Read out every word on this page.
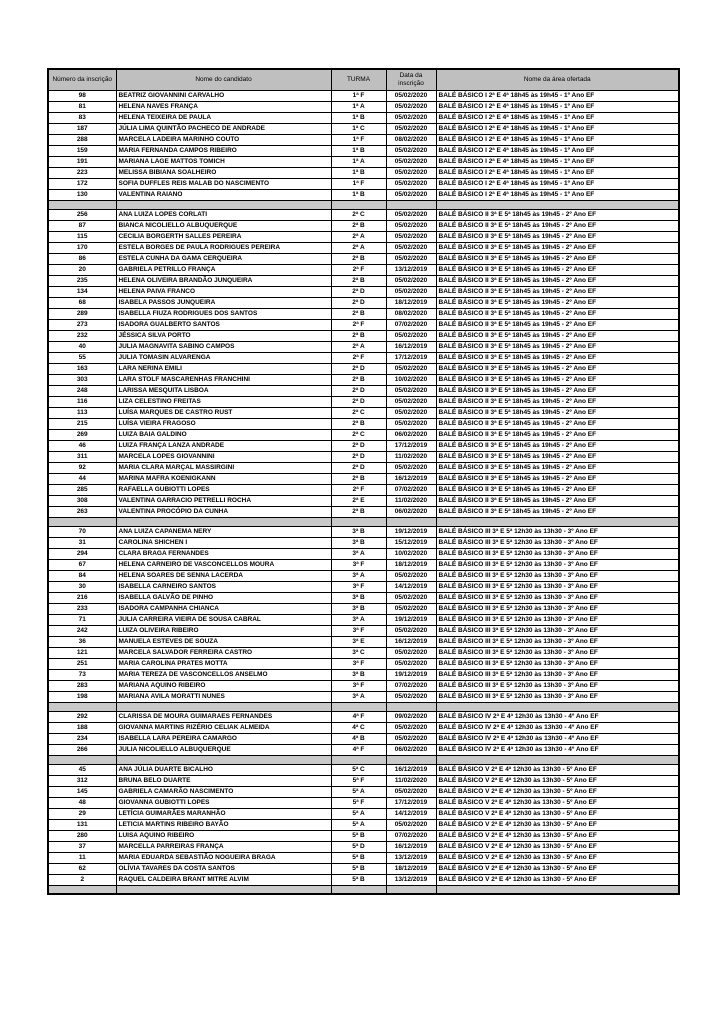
Número da inscrição	Nome do candidato	TURMA	Data da inscrição	Nome da área ofertada
98	BEATRIZ GIOVANNINI CARVALHO	1ª F	05/02/2020	BALÉ BÁSICO I 2ª E 4ª 18h45 às 19h45 - 1º Ano EF
81	HELENA NAVES FRANÇA	1ª A	05/02/2020	BALÉ BÁSICO I 2ª E 4ª 18h45 às 19h45 - 1º Ano EF
83	HELENA TEIXEIRA DE PAULA	1ª B	05/02/2020	BALÉ BÁSICO I 2ª E 4ª 18h45 às 19h45 - 1º Ano EF
187	JÚLIA LIMA QUINTÃO PACHECO DE ANDRADE	1ª C	05/02/2020	BALÉ BÁSICO I 2ª E 4ª 18h45 às 19h45 - 1º Ano EF
288	MARCELA LADEIRA MARINHO COUTO	1ª F	08/02/2020	BALÉ BÁSICO I 2ª E 4ª 18h45 às 19h45 - 1º Ano EF
159	MARIA FERNANDA CAMPOS RIBEIRO	1ª B	05/02/2020	BALÉ BÁSICO I 2ª E 4ª 18h45 às 19h45 - 1º Ano EF
191	MARIANA LAGE MATTOS TOMICH	1ª A	05/02/2020	BALÉ BÁSICO I 2ª E 4ª 18h45 às 19h45 - 1º Ano EF
223	MELISSA BIBIANA SOALHEIRO	1ª B	05/02/2020	BALÉ BÁSICO I 2ª E 4ª 18h45 às 19h45 - 1º Ano EF
172	SOFIA DUFFLES REIS MALAB DO NASCIMENTO	1ª F	05/02/2020	BALÉ BÁSICO I 2ª E 4ª 18h45 às 19h45 - 1º Ano EF
130	VALENTINA RAIANO	1ª B	05/02/2020	BALÉ BÁSICO I 2ª E 4ª 18h45 às 19h45 - 1º Ano EF

256	ANA LUIZA LOPES CORLATI	2ª C	05/02/2020	BALÉ BÁSICO II 3ª E 5ª 18h45 às 19h45 - 2º Ano EF
87	BIANCA NICOLIELLO ALBUQUERQUE	2ª B	05/02/2020	BALÉ BÁSICO II 3ª E 5ª 18h45 às 19h45 - 2º Ano EF
115	CECILIA BORGERTH SALLES PEREIRA	2ª A	05/02/2020	BALÉ BÁSICO II 3ª E 5ª 18h45 às 19h45 - 2º Ano EF
170	ESTELA BORGES DE PAULA RODRIGUES PEREIRA	2ª A	05/02/2020	BALÉ BÁSICO II 3ª E 5ª 18h45 às 19h45 - 2º Ano EF
86	ESTELA CUNHA DA GAMA CERQUEIRA	2ª B	05/02/2020	BALÉ BÁSICO II 3ª E 5ª 18h45 às 19h45 - 2º Ano EF
20	GABRIELA PETRILLO FRANÇA	2ª F	13/12/2019	BALÉ BÁSICO II 3ª E 5ª 18h45 às 19h45 - 2º Ano EF
235	HELENA OLIVEIRA BRANDÃO JUNQUEIRA	2ª B	05/02/2020	BALÉ BÁSICO II 3ª E 5ª 18h45 às 19h45 - 2º Ano EF
134	HELENA PAIVA FRANCO	2ª D	05/02/2020	BALÉ BÁSICO II 3ª E 5ª 18h45 às 19h45 - 2º Ano EF
68	ISABELA PASSOS JUNQUEIRA	2ª D	18/12/2019	BALÉ BÁSICO II 3ª E 5ª 18h45 às 19h45 - 2º Ano EF
289	ISABELLA FIUZA RODRIGUES DOS SANTOS	2ª B	08/02/2020	BALÉ BÁSICO II 3ª E 5ª 18h45 às 19h45 - 2º Ano EF
273	ISADORA GUALBERTO SANTOS	2ª F	07/02/2020	BALÉ BÁSICO II 3ª E 5ª 18h45 às 19h45 - 2º Ano EF
232	JÉSSICA SILVA PORTO	2ª B	05/02/2020	BALÉ BÁSICO II 3ª E 5ª 18h45 às 19h45 - 2º Ano EF
40	JULIA MAGNAVITA SABINO CAMPOS	2ª A	16/12/2019	BALÉ BÁSICO II 3ª E 5ª 18h45 às 19h45 - 2º Ano EF
55	JULIA TOMASIN ALVARENGA	2ª F	17/12/2019	BALÉ BÁSICO II 3ª E 5ª 18h45 às 19h45 - 2º Ano EF
163	LARA NERINA EMILI	2ª D	05/02/2020	BALÉ BÁSICO II 3ª E 5ª 18h45 às 19h45 - 2º Ano EF
303	LARA STOLF MASCARENHAS FRANCHINI	2ª B	10/02/2020	BALÉ BÁSICO II 3ª E 5ª 18h45 às 19h45 - 2º Ano EF
248	LARISSA MESQUITA LISBOA	2ª D	05/02/2020	BALÉ BÁSICO II 3ª E 5ª 18h45 às 19h45 - 2º Ano EF
116	LIZA CELESTINO FREITAS	2ª D	05/02/2020	BALÉ BÁSICO II 3ª E 5ª 18h45 às 19h45 - 2º Ano EF
113	LUÍSA MARQUES DE CASTRO RUST	2ª C	05/02/2020	BALÉ BÁSICO II 3ª E 5ª 18h45 às 19h45 - 2º Ano EF
215	LUÍSA VIEIRA FRAGOSO	2ª B	05/02/2020	BALÉ BÁSICO II 3ª E 5ª 18h45 às 19h45 - 2º Ano EF
269	LUIZA BAIA GALDINO	2ª C	06/02/2020	BALÉ BÁSICO II 3ª E 5ª 18h45 às 19h45 - 2º Ano EF
46	LUIZA FRANÇA LANZA ANDRADE	2ª D	17/12/2019	BALÉ BÁSICO II 3ª E 5ª 18h45 às 19h45 - 2º Ano EF
311	MARCELA LOPES GIOVANNINI	2ª D	11/02/2020	BALÉ BÁSICO II 3ª E 5ª 18h45 às 19h45 - 2º Ano EF
92	MARIA CLARA MARÇAL MASSIRGINI	2ª D	05/02/2020	BALÉ BÁSICO II 3ª E 5ª 18h45 às 19h45 - 2º Ano EF
44	MARINA MAFRA KOENIGKANN	2ª B	16/12/2019	BALÉ BÁSICO II 3ª E 5ª 18h45 às 19h45 - 2º Ano EF
285	RAFAELLA GUBIOTTI LOPES	2ª F	07/02/2020	BALÉ BÁSICO II 3ª E 5ª 18h45 às 19h45 - 2º Ano EF
308	VALENTINA GARRACIO PETRELLI ROCHA	2ª E	11/02/2020	BALÉ BÁSICO II 3ª E 5ª 18h45 às 19h45 - 2º Ano EF
263	VALENTINA PROCÓPIO DA CUNHA	2ª B	06/02/2020	BALÉ BÁSICO II 3ª E 5ª 18h45 às 19h45 - 2º Ano EF

70	ANA LUIZA CAPANEMA NERY	3ª B	19/12/2019	BALÉ BÁSICO III 3ª E 5ª 12h30 às 13h30 - 3º Ano EF
31	CAROLINA SHICHEN I	3ª B	15/12/2019	BALÉ BÁSICO III 3ª E 5ª 12h30 às 13h30 - 3º Ano EF
294	CLARA BRAGA FERNANDES	3ª A	10/02/2020	BALÉ BÁSICO III 3ª E 5ª 12h30 às 13h30 - 3º Ano EF
67	HELENA CARNEIRO DE VASCONCELLOS MOURA	3ª F	18/12/2019	BALÉ BÁSICO III 3ª E 5ª 12h30 às 13h30 - 3º Ano EF
84	HELENA SOARES DE SENNA LACERDA	3ª A	05/02/2020	BALÉ BÁSICO III 3ª E 5ª 12h30 às 13h30 - 3º Ano EF
30	ISABELLA CARNEIRO SANTOS	3ª F	14/12/2019	BALÉ BÁSICO III 3ª E 5ª 12h30 às 13h30 - 3º Ano EF
216	ISABELLA GALVÃO DE PINHO	3ª B	05/02/2020	BALÉ BÁSICO III 3ª E 5ª 12h30 às 13h30 - 3º Ano EF
233	ISADORA CAMPANHA CHIANCA	3ª B	05/02/2020	BALÉ BÁSICO III 3ª E 5ª 12h30 às 13h30 - 3º Ano EF
71	JULIA CARREIRA VIEIRA DE SOUSA CABRAL	3ª A	19/12/2019	BALÉ BÁSICO III 3ª E 5ª 12h30 às 13h30 - 3º Ano EF
242	LUIZA OLIVEIRA RIBEIRO	3ª F	05/02/2020	BALÉ BÁSICO III 3ª E 5ª 12h30 às 13h30 - 3º Ano EF
36	MANUELA ESTEVES DE SOUZA	3ª E	16/12/2019	BALÉ BÁSICO III 3ª E 5ª 12h30 às 13h30 - 3º Ano EF
121	MARCELA SALVADOR FERREIRA CASTRO	3ª C	05/02/2020	BALÉ BÁSICO III 3ª E 5ª 12h30 às 13h30 - 3º Ano EF
251	MARIA CAROLINA PRATES MOTTA	3ª F	05/02/2020	BALÉ BÁSICO III 3ª E 5ª 12h30 às 13h30 - 3º Ano EF
73	MARIA TEREZA DE VASCONCELLOS ANSELMO	3ª B	19/12/2019	BALÉ BÁSICO III 3ª E 5ª 12h30 às 13h30 - 3º Ano EF
283	MARIANA AQUINO RIBEIRO	3ª F	07/02/2020	BALÉ BÁSICO III 3ª E 5ª 12h30 às 13h30 - 3º Ano EF
198	MARIANA AVILA MORATTI NUNES	3ª A	05/02/2020	BALÉ BÁSICO III 3ª E 5ª 12h30 às 13h30 - 3º Ano EF

292	CLARISSA DE MOURA GUIMARAES FERNANDES	4ª F	09/02/2020	BALÉ BÁSICO IV 2ª E 4ª 12h30 às 13h30 - 4º Ano EF
188	GIOVANNA MARTINS RIZÉRIO CELIAK ALMEIDA	4ª C	05/02/2020	BALÉ BÁSICO IV 2ª E 4ª 12h30 às 13h30 - 4º Ano EF
234	ISABELLA LARA PEREIRA CAMARGO	4ª B	05/02/2020	BALÉ BÁSICO IV 2ª E 4ª 12h30 às 13h30 - 4º Ano EF
266	JULIA NICOLIELLO ALBUQUERQUE	4ª F	06/02/2020	BALÉ BÁSICO IV 2ª E 4ª 12h30 às 13h30 - 4º Ano EF

45	ANA JÚLIA DUARTE BICALHO	5ª C	16/12/2019	BALÉ BÁSICO V 2ª E 4ª 12h30 às 13h30 - 5º Ano EF
312	BRUNA BELO DUARTE	5ª F	11/02/2020	BALÉ BÁSICO V 2ª E 4ª 12h30 às 13h30 - 5º Ano EF
145	GABRIELA CAMARÃO NASCIMENTO	5ª A	05/02/2020	BALÉ BÁSICO V 2ª E 4ª 12h30 às 13h30 - 5º Ano EF
48	GIOVANNA GUBIOTTI LOPES	5ª F	17/12/2019	BALÉ BÁSICO V 2ª E 4ª 12h30 às 13h30 - 5º Ano EF
29	LETÍCIA GUIMARÃES MARANHÃO	5ª A	14/12/2019	BALÉ BÁSICO V 2ª E 4ª 12h30 às 13h30 - 5º Ano EF
131	LETICIA MARTINS RIBEIRO BAYÃO	5ª A	05/02/2020	BALÉ BÁSICO V 2ª E 4ª 12h30 às 13h30 - 5º Ano EF
280	LUISA AQUINO RIBEIRO	5ª B	07/02/2020	BALÉ BÁSICO V 2ª E 4ª 12h30 às 13h30 - 5º Ano EF
37	MARCELLA PARREIRAS FRANÇA	5ª D	16/12/2019	BALÉ BÁSICO V 2ª E 4ª 12h30 às 13h30 - 5º Ano EF
11	MARIA EDUARDA SEBASTIÃO NOGUEIRA BRAGA	5ª B	13/12/2019	BALÉ BÁSICO V 2ª E 4ª 12h30 às 13h30 - 5º Ano EF
62	OLÍVIA TAVARES DA COSTA SANTOS	5ª B	18/12/2019	BALÉ BÁSICO V 2ª E 4ª 12h30 às 13h30 - 5º Ano EF
2	RAQUEL CALDEIRA BRANT MITRE ALVIM	5ª B	13/12/2019	BALÉ BÁSICO V 2ª E 4ª 12h30 às 13h30 - 5º Ano EF
